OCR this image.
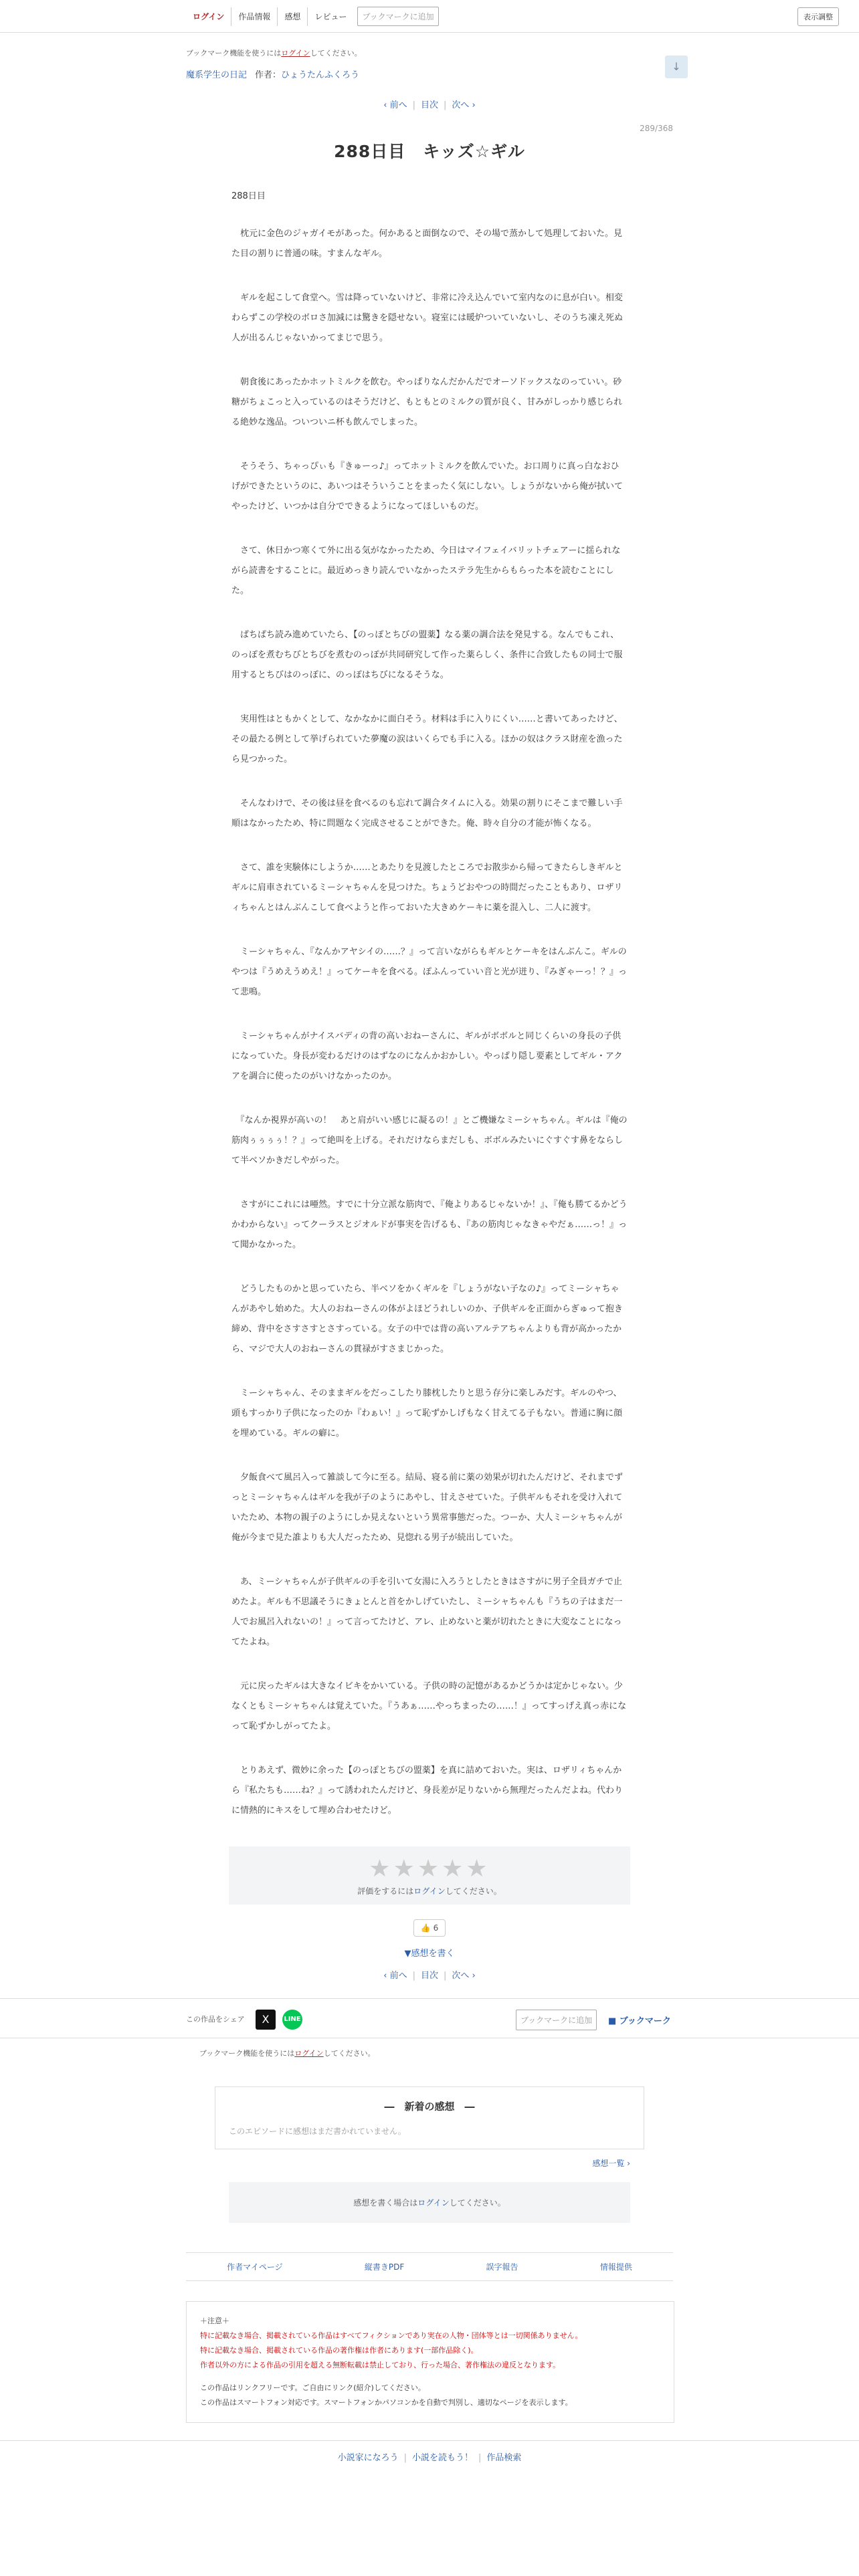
ログイン	作品情報	感想	レビュー	ブックマークに追加	表示調整
↓
ブックマーク機能を使うにはログインしてください。
魔系学生の日記 作者：ひょうたんふくろう
‹ 前へ | 目次 | 次へ ›
289/368
288日目　キッズ☆ギル

288日目

　枕元に金色のジャガイモがあった。何かあると面倒なので、その場で蒸かして処理しておいた。見た目の割りに普通の味。すまんなギル。

　ギルを起こして食堂へ。雪は降っていないけど、非常に冷え込んでいて室内なのに息が白い。相変わらずこの学校のボロさ加減には驚きを隠せない。寝室には暖炉ついていないし、そのうち凍え死ぬ人が出るんじゃないかってまじで思う。

　朝食後にあったかホットミルクを飲む。やっぱりなんだかんだでオーソドックスなのっていい。砂糖がちょこっと入っているのはそうだけど、もともとのミルクの質が良く、甘みがしっかり感じられる絶妙な逸品。ついついニ杯も飲んでしまった。

　そうそう、ちゃっぴぃも『きゅーっ♪』ってホットミルクを飲んでいた。お口周りに真っ白なおひげができたというのに、あいつはそういうことをまったく気にしない。しょうがないから俺が拭いてやったけど、いつかは自分でできるようになってほしいものだ。

　さて、休日かつ寒くて外に出る気がなかったため、今日はマイフェイバリットチェアーに揺られながら読書をすることに。最近めっきり読んでいなかったステラ先生からもらった本を読むことにした。

　ぱちぱち読み進めていたら、【のっぽとちびの盟薬】なる薬の調合法を発見する。なんでもこれ、のっぽを煮むちびとちびを煮むのっぽが共同研究して作った薬らしく、条件に合致したもの同士で服用するとちびはのっぽに、のっぽはちびになるそうな。

　実用性はともかくとして、なかなかに面白そう。材料は手に入りにくい……と書いてあったけど、その最たる例として挙げられていた夢魔の涙はいくらでも手に入る。ほかの奴はクラス財産を漁ったら見つかった。

　そんなわけで、その後は昼を食べるのも忘れて調合タイムに入る。効果の割りにそこまで難しい手順はなかったため、特に問題なく完成させることができた。俺、時々自分の才能が怖くなる。

　さて、誰を実験体にしようか……とあたりを見渡したところでお散歩から帰ってきたらしきギルとギルに肩車されているミーシャちゃんを見つけた。ちょうどおやつの時間だったこともあり、ロザリィちゃんとはんぶんこして食べようと作っておいた大きめケーキに薬を混入し、二人に渡す。

　ミーシャちゃん、『なんかアヤシイの……？』って言いながらもギルとケーキをはんぶんこ。ギルのやつは『うめえうめえ！』ってケーキを食べる。ぽふんっていい音と光が迸り、『みぎゃーっ！？』って悲鳴。

　ミーシャちゃんがナイスバディの背の高いおねーさんに、ギルがボボルと同じくらいの身長の子供になっていた。身長が変わるだけのはずなのになんかおかしい。やっぱり隠し要素としてギル・アクアを調合に使ったのがいけなかったのか。

　『なんか視界が高いの！　あと肩がいい感じに凝るの！』とご機嫌なミーシャちゃん。ギルは『俺の筋肉ぅぅぅぅ！？』って絶叫を上げる。それだけならまだしも、ボボルみたいにぐすぐす鼻をならして半ベソかきだしやがった。

　さすがにこれには唖然。すでに十分立派な筋肉で、『俺よりあるじゃないか！』、『俺も勝てるかどうかわからない』ってクーラスとジオルドが事実を告げるも、『あの筋肉じゃなきゃやだぁ……っ！』って聞かなかった。

　どうしたものかと思っていたら、半ベソをかくギルを『しょうがない子なの♪』ってミーシャちゃんがあやし始めた。大人のおねーさんの体がよほどうれしいのか、子供ギルを正面からぎゅって抱き締め、背中をさすさすとさすっている。女子の中では背の高いアルテアちゃんよりも背が高かったから、マジで大人のおねーさんの貫禄がすさまじかった。

　ミーシャちゃん、そのままギルをだっこしたり膝枕したりと思う存分に楽しみだす。ギルのやつ、頭もすっかり子供になったのか『わぁい！』って恥ずかしげもなく甘えてる子もない。普通に胸に顔を埋めている。ギルの癖に。

　夕飯食べて風呂入って雑談して今に至る。結局、寝る前に薬の効果が切れたんだけど、それまでずっとミーシャちゃんはギルを我が子のようにあやし、甘えさせていた。子供ギルもそれを受け入れていたため、本物の親子のようにしか見えないという異常事態だった。つーか、大人ミーシャちゃんが俺が今まで見た誰よりも大人だったため、見惚れる男子が続出していた。

　あ、ミーシャちゃんが子供ギルの手を引いて女湯に入ろうとしたときはさすがに男子全員ガチで止めたよ。ギルも不思議そうにきょとんと首をかしげていたし、ミーシャちゃんも『うちの子はまだ一人でお風呂入れないの！』って言ってたけど、アレ、止めないと薬が切れたときに大変なことになってたよね。

　元に戻ったギルは大きなイビキをかいている。子供の時の記憶があるかどうかは定かじゃない。少なくともミーシャちゃんは覚えていた。『うあぁ……やっちまったの……！』ってすっげえ真っ赤になって恥ずかしがってたよ。

　とりあえず、微妙に余った【のっぽとちびの盟薬】を真に詰めておいた。実は、ロザリィちゃんから『私たちも……ね？』って誘われたんだけど、身長差が足りないから無理だったんだよね。代わりに情熱的にキスをして埋め合わせたけど。

★★★★★
評価をするにはログインしてください。
👍 6
▼感想を書く
‹ 前へ | 目次 | 次へ ›
この作品をシェア	X	LINE	ブックマークに追加	■ ブックマーク
ブックマーク機能を使うにはログインしてください。
―　新着の感想　―
このエピソードに感想はまだ書かれていません。
感想一覧 ›
感想を書く場合はログインしてください。
作者マイページ	縦書きPDF	誤字報告	情報提供
＋注意＋
特に記載なき場合、掲載されている作品はすべてフィクションであり実在の人物・団体等とは一切関係ありません。
特に記載なき場合、掲載されている作品の著作権は作者にあります(一部作品除く)。
作者以外の方による作品の引用を超える無断転載は禁止しており、行った場合、著作権法の違反となります。
この作品はリンクフリーです。ご自由にリンク(紹介)してください。
この作品はスマートフォン対応です。スマートフォンかパソコンかを自動で判別し、適切なページを表示します。
小説家になろう | 小説を読もう！ | 作品検索
